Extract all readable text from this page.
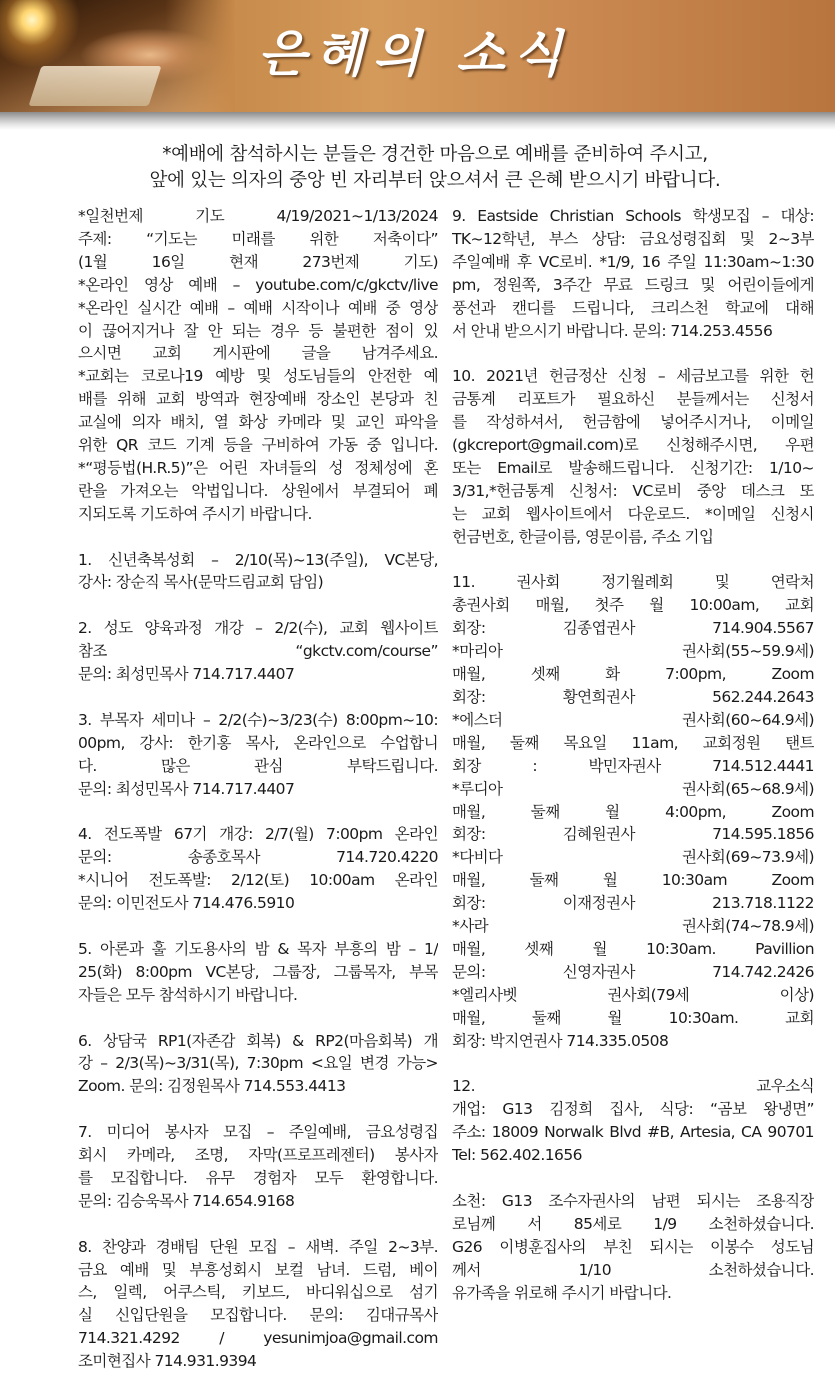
은혜의 소식
*예배에 참석하시는 분들은 경건한 마음으로 예배를 준비하여 주시고,
앞에 있는 의자의 중앙 빈 자리부터 앉으셔서 큰 은혜 받으시기 바랍니다.
*일천번제 기도 4/19/2021~1/13/2024
주제: “기도는 미래를 위한 저축이다”
(1월 16일 현재 273번제 기도)
*온라인 영상 예배 – youtube.com/c/gkctv/live
*온라인 실시간 예배 – 예배 시작이나 예배 중 영상
이 끊어지거나 잘 안 되는 경우 등 불편한 점이 있
으시면 교회 게시판에 글을 남겨주세요.
*교회는 코로나19 예방 및 성도님들의 안전한 예
배를 위해 교회 방역과 현장예배 장소인 본당과 친
교실에 의자 배치, 열 화상 카메라 및 교인 파악을
위한 QR 코드 기계 등을 구비하여 가동 중 입니다.
*“평등법(H.R.5)”은 어린 자녀들의 성 정체성에 혼
란을 가져오는 악법입니다. 상원에서 부결되어 폐
지되도록 기도하여 주시기 바랍니다.
1. 신년축복성회 – 2/10(목)~13(주일), VC본당,
강사: 장순직 목사(문막드림교회 담임)
2. 성도 양육과정 개강 – 2/2(수), 교회 웹사이트
참조 “gkctv.com/course”
문의: 최성민목사 714.717.4407
3. 부목자 세미나 – 2/2(수)~3/23(수) 8:00pm~10:
00pm, 강사: 한기홍 목사, 온라인으로 수업합니
다. 많은 관심 부탁드립니다.
문의: 최성민목사 714.717.4407
4. 전도폭발 67기 개강: 2/7(월) 7:00pm 온라인
문의: 송종호목사 714.720.4220
*시니어 전도폭발: 2/12(토) 10:00am 온라인
문의: 이민전도사 714.476.5910
5. 아론과 훌 기도용사의 밤 & 목자 부흥의 밤 – 1/
25(화) 8:00pm VC본당, 그룹장, 그룹목자, 부목
자들은 모두 참석하시기 바랍니다.
6. 상담국 RP1(자존감 회복) & RP2(마음회복) 개
강 – 2/3(목)~3/31(목), 7:30pm <요일 변경 가능>
Zoom. 문의: 김정원목사 714.553.4413
7. 미디어 봉사자 모집 – 주일예배, 금요성령집
회시 카메라, 조명, 자막(프로프레젠터) 봉사자
를 모집합니다. 유무 경험자 모두 환영합니다.
문의: 김승욱목사 714.654.9168
8. 찬양과 경배팀 단원 모집 – 새벽. 주일 2~3부.
금요 예배 및 부흥성회시 보컬 남녀. 드럼, 베이
스, 일렉, 어쿠스틱, 키보드, 바디워십으로 섬기
실 신입단원을 모집합니다. 문의: 김대규목사
714.321.4292 / yesunimjoa@gmail.com
조미현집사 714.931.9394
9. Eastside Christian Schools 학생모집 – 대상:
TK~12학년, 부스 상담: 금요성령집회 및 2~3부
주일예배 후 VC로비. *1/9, 16 주일 11:30am~1:30
pm, 정원쪽, 3주간 무료 드링크 및 어린이들에게
풍선과 캔디를 드립니다, 크리스천 학교에 대해
서 안내 받으시기 바랍니다. 문의: 714.253.4556
10. 2021년 헌금정산 신청 – 세금보고를 위한 헌
금통계 리포트가 필요하신 분들께서는 신청서
를 작성하셔서, 헌금함에 넣어주시거나, 이메일
(gkcreport@gmail.com)로 신청해주시면, 우편
또는 Email로 발송해드립니다. 신청기간: 1/10~
3/31,*헌금통계 신청서: VC로비 중앙 데스크 또
는 교회 웹사이트에서 다운로드. *이메일 신청시
헌금번호, 한글이름, 영문이름, 주소 기입
11. 권사회 정기월례회 및 연락처
총권사회 매월, 첫주 월 10:00am, 교회
회장: 김종엽권사 714.904.5567
*마리아 권사회(55~59.9세)
매월, 셋째 화 7:00pm, Zoom
회장: 황연희권사 562.244.2643
*에스더 권사회(60~64.9세)
매월, 둘째 목요일 11am, 교회정원 탠트
회장 : 박민자권사 714.512.4441
*루디아 권사회(65~68.9세)
매월, 둘째 월 4:00pm, Zoom
회장: 김혜원권사 714.595.1856
*다비다 권사회(69~73.9세)
매월, 둘째 월 10:30am Zoom
회장: 이재정권사 213.718.1122
*사라 권사회(74~78.9세)
매월, 셋째 월 10:30am. Pavillion
문의: 신영자권사 714.742.2426
*엘리사벳 권사회(79세 이상)
매월, 둘째 월 10:30am. 교회
회장: 박지연권사 714.335.0508
12. 교우소식
개업: G13 김정희 집사, 식당: “곰보 왕냉면”
주소: 18009 Norwalk Blvd #B, Artesia, CA 90701
Tel: 562.402.1656
소천: G13 조수자권사의 남편 되시는 조용직장
로님께 서 85세로 1/9 소천하셨습니다.
G26 이병훈집사의 부친 되시는 이봉수 성도님
께서 1/10 소천하셨습니다.
유가족을 위로해 주시기 바랍니다.
